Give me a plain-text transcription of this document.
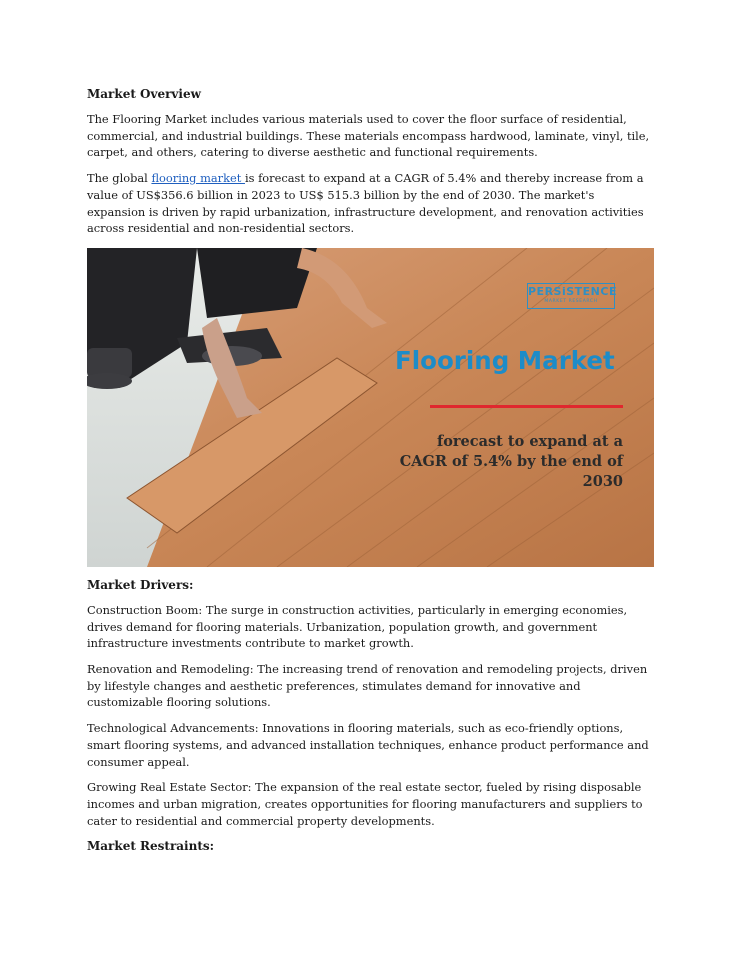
Market Overview

The Flooring Market includes various materials used to cover the floor surface of residential, commercial, and industrial buildings. These materials encompass hardwood, laminate, vinyl, tile, carpet, and others, catering to diverse aesthetic and functional requirements.

The global flooring market is forecast to expand at a CAGR of 5.4% and thereby increase from a value of US$356.6 billion in 2023 to US$ 515.3 billion by the end of 2030. The market's expansion is driven by rapid urbanization, infrastructure development, and renovation activities across residential and non-residential sectors.

PERSiSTENCE
MARKET RESEARCH
Flooring Market
forecast to expand at a CAGR of 5.4% by the end of 2030
Market Drivers:

Construction Boom: The surge in construction activities, particularly in emerging economies, drives demand for flooring materials. Urbanization, population growth, and government infrastructure investments contribute to market growth.

Renovation and Remodeling: The increasing trend of renovation and remodeling projects, driven by lifestyle changes and aesthetic preferences, stimulates demand for innovative and customizable flooring solutions.

Technological Advancements: Innovations in flooring materials, such as eco-friendly options, smart flooring systems, and advanced installation techniques, enhance product performance and consumer appeal.

Growing Real Estate Sector: The expansion of the real estate sector, fueled by rising disposable incomes and urban migration, creates opportunities for flooring manufacturers and suppliers to cater to residential and commercial property developments.

Market Restraints:
